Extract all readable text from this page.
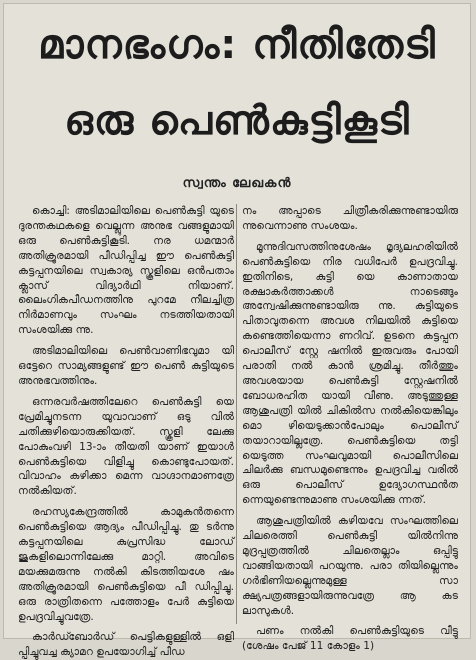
മാനഭംഗം: നീതിതേടി
ഒരു പെൺകുട്ടികൂടി
സ്വന്തം ലേഖകൻ

കൊച്ചി: അടിമാലിയിലെ പെൺകുട്ടി യുടെ ദുരന്തകഥകളെ വെല്ലുന്ന അനുഭ വങ്ങളുമായി ഒരു പെൺകുട്ടികൂടി. നര ധമന്മാർ അതിക്രൂരമായി പീഡിപ്പിച്ച ഈ പെൺകുട്ടി കട്ടപ്പനയിലെ സ്വകാര്യ സ്കൂളിലെ ഒൻപതാം ക്ലാസ് വിദ്യാർഥി നിയാണ്. ലൈംഗികപീഡനത്തിനു പുറമേ നീലച്ചിത്ര നിർമാണവും സംഘം നടത്തിയതായി സംശയിക്കു ന്നു.

അടിമാലിയിലെ പെൺവാണിഭവുമാ യി ഒട്ടേറെ സാമ്യങ്ങളുണ്ട് ഈ പെൺ കുട്ടിയുടെ അനുഭവത്തിനും.

ഒന്നരവർഷത്തിലേറെ പെൺകുട്ടി യെ പ്രേമിച്ചുനടന്ന യുവാവാണ് ഒടു വിൽ ചതിക്കുഴിയൊരുക്കിയത്. സ്കൂളി ലേക്കു പോകുംവഴി 13-ാം തീയതി യാണ് ഇയാൾ പെൺകുട്ടിയെ വിളിച്ചു കൊണ്ടുപോയത്. വിവാഹം കഴിക്കാ മെന്ന വാഗ്ദാനമാണത്രേ നൽകിയത്.

രഹസ്യകേന്ദ്രത്തിൽ കാമുകൻതന്നെ പെൺകുട്ടിയെ ആദ്യം പീഡിപ്പിച്ചു. തു ടർന്നു കട്ടപ്പനയിലെ കുപ്രസിദ്ധ ലോഡ് ജുകളിലൊന്നിലേക്കു മാറ്റി. അവിടെ മയക്കുമരുന്നു നൽകി കിടത്തിയശേ ഷം അതിക്രൂരമായി പെൺകുട്ടിയെ പീ ഡിപ്പിച്ചു. ഒരു രാത്രിതന്നെ പത്തോളം പേർ കുട്ടിയെ ഉപദ്രവിച്ചുവത്രേ.

കാർഡ്ബോർഡ് പെട്ടികളുള്ളിൽ ഒളി പ്പിച്ചുവച്ച ക്യാമറ ഉപയോഗിച്ച് പീഡ

നം അപ്പാടെ ചിത്രീകരിക്കുന്നുണ്ടായിരു ന്നുവെന്നാണു സംശയം.

മൂന്നുദിവസത്തിനുശേഷം മൃദ്യലഹരിയിൽ പെൺകുട്ടിയെ നിര വധിപേർ ഉപദ്രവിച്ചു. ഇതിനിടെ, കുട്ടി യെ കാണാതായ രക്ഷാകർത്താക്കൾ നാടെങ്ങും അന്വേഷിക്കുന്നുണ്ടായിരു ന്നു. കുട്ടിയുടെ പിതാവുതന്നെ അവശ നിലയിൽ കുട്ടിയെ കണ്ടെത്തിയെന്നാ ണറിവ്. ഉടനെ കട്ടപ്പന പൊലീസ് സ്റ്റേ ഷനിൽ ഇരുവരും പോയി പരാതി നൽ കാൻ ശ്രമിച്ചു. തീർത്തും അവശയായ പെൺകുട്ടി സ്റ്റേഷനിൽ ബോധരഹിത യായി വീണു. അടുത്തുള്ള ആശുപത്രി യിൽ ചികിൽസ നൽകിയെങ്കിലും മൊ ഴിയെടുക്കാൻപോലും പൊലീസ് തയാറായില്ലത്രേ. പെൺകുട്ടിയെ തട്ടി യെടുത്ത സംഘവുമായി പൊലീസിലെ ചിലർക്കു ബന്ധമുണ്ടെന്നും ഉപദ്രവിച്ച വരിൽ ഒരു പൊലീസ് ഉദ്യോഗസ്ഥൻത ന്നെയുണ്ടെന്നുമാണു സംശയിക്കു ന്നത്.

ആശുപത്രിയിൽ കഴിയവേ സംഘത്തിലെ ചിലരെത്തി പെൺകുട്ടി യിൽനിന്നു മുദ്രപ്പത്രത്തിൽ ചിലതെല്ലാം ഒപ്പിട്ടു വാങ്ങിയതായി പറയുന്നു. പരാ തിയില്ലെന്നും ഗർഭിണിയല്ലെന്നുമുള്ള സാ ക്ഷ്യപത്രങ്ങളായിരുന്നുവത്രേ ആ കട ലാസുകൾ.

പണം നൽകി പെൺകുട്ടിയുടെ വീട്ടു (ശേഷം പേജ് 11 കോളം 1)
